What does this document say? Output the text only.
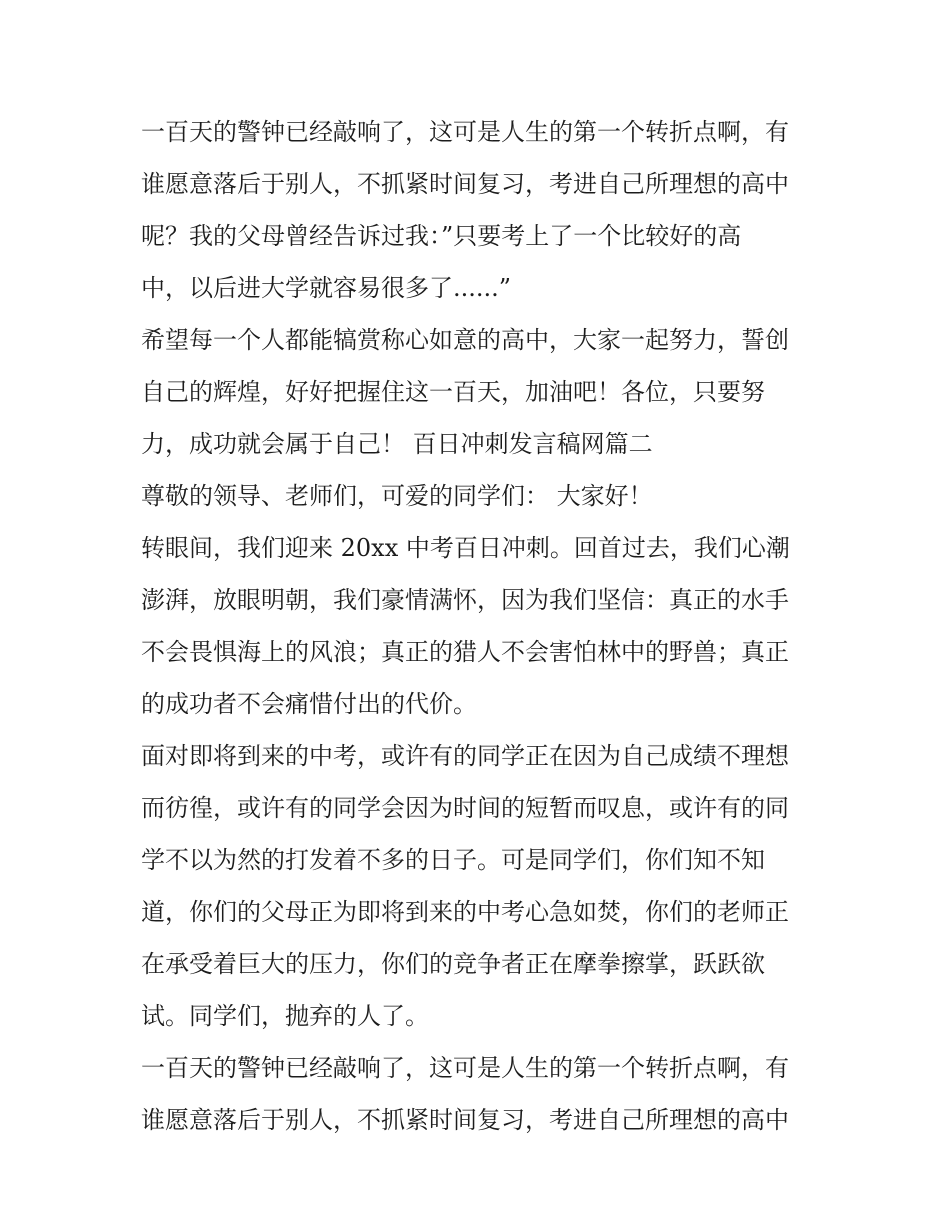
一百天的警钟已经敲响了，这可是人生的第一个转折点啊，有
谁愿意落后于别人，不抓紧时间复习，考进自己所理想的高中
呢？我的父母曾经告诉过我：”只要考上了一个比较好的高
中，以后进大学就容易很多了......”
希望每一个人都能犒赏称心如意的高中，大家一起努力，誓创
自己的辉煌，好好把握住这一百天，加油吧！各位，只要努
力，成功就会属于自己！ 百日冲刺发言稿网篇二
尊敬的领导、老师们，可爱的同学们： 大家好！
转眼间，我们迎来 20xx 中考百日冲刺。回首过去，我们心潮
澎湃，放眼明朝，我们豪情满怀，因为我们坚信：真正的水手
不会畏惧海上的风浪；真正的猎人不会害怕林中的野兽；真正
的成功者不会痛惜付出的代价。
面对即将到来的中考，或许有的同学正在因为自己成绩不理想
而彷徨，或许有的同学会因为时间的短暂而叹息，或许有的同
学不以为然的打发着不多的日子。可是同学们，你们知不知
道，你们的父母正为即将到来的中考心急如焚，你们的老师正
在承受着巨大的压力，你们的竞争者正在摩拳擦掌，跃跃欲
试。同学们，抛弃的人了。
一百天的警钟已经敲响了，这可是人生的第一个转折点啊，有
谁愿意落后于别人，不抓紧时间复习，考进自己所理想的高中
